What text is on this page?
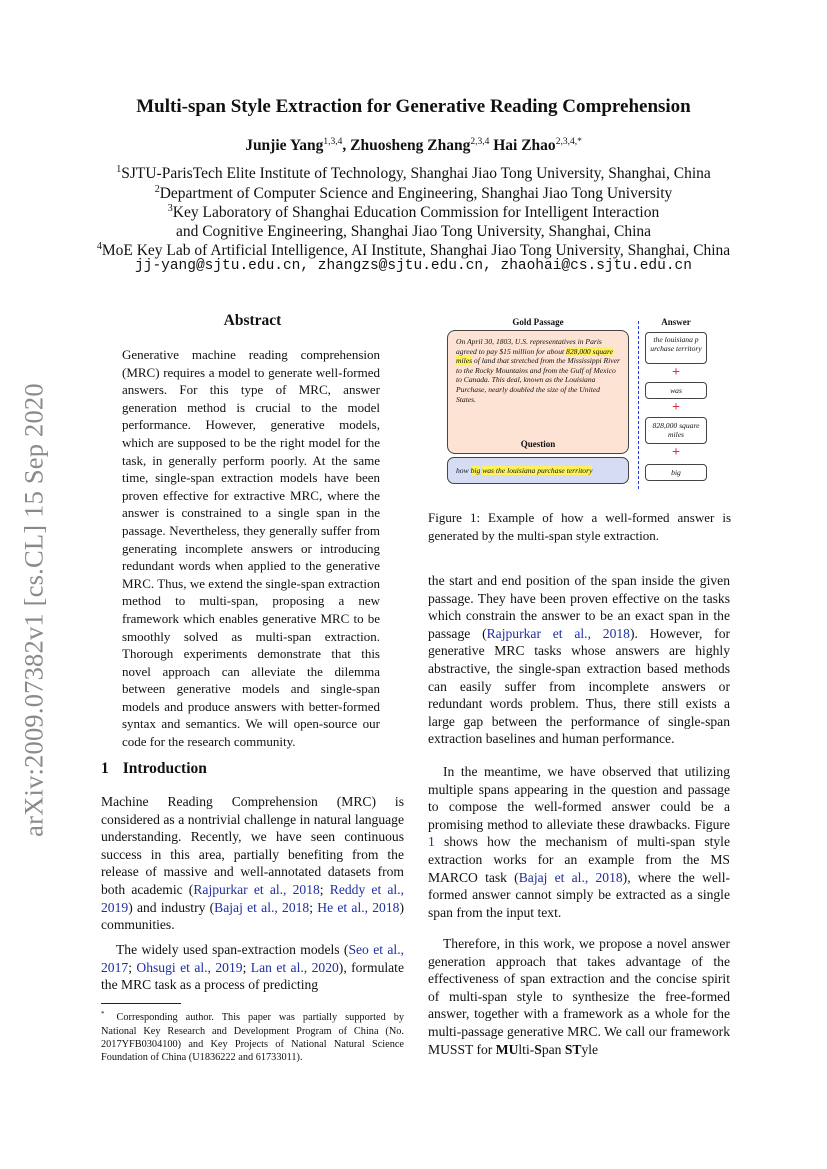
arXiv:2009.07382v1 [cs.CL] 15 Sep 2020
Multi-span Style Extraction for Generative Reading Comprehension
Junjie Yang$^{1,3,4}$, Zhuosheng Zhang$^{2,3,4}$ Hai Zhao$^{2,3,4,*}$
$^1$SJTU-ParisTech Elite Institute of Technology, Shanghai Jiao Tong University, Shanghai, China
$^2$Department of Computer Science and Engineering, Shanghai Jiao Tong University
$^3$Key Laboratory of Shanghai Education Commission for Intelligent Interaction
and Cognitive Engineering, Shanghai Jiao Tong University, Shanghai, China
$^4$MoE Key Lab of Artificial Intelligence, AI Institute, Shanghai Jiao Tong University, Shanghai, China
jj-yang@sjtu.edu.cn, zhangzs@sjtu.edu.cn, zhaohai@cs.sjtu.edu.cn
Abstract
Generative machine reading comprehension (MRC) requires a model to generate well-formed answers. For this type of MRC, answer generation method is crucial to the model performance. However, generative models, which are supposed to be the right model for the task, in generally perform poorly. At the same time, single-span extraction models have been proven effective for extractive MRC, where the answer is constrained to a single span in the passage. Nevertheless, they generally suffer from generating incomplete answers or introducing redundant words when applied to the generative MRC. Thus, we extend the single-span extraction method to multi-span, proposing a new framework which enables generative MRC to be smoothly solved as multi-span extraction. Thorough experiments demonstrate that this novel approach can alleviate the dilemma between generative models and single-span models and produce answers with better-formed syntax and semantics. We will open-source our code for the research community.
1 Introduction
Machine Reading Comprehension (MRC) is considered as a nontrivial challenge in natural language understanding. Recently, we have seen continuous success in this area, partially benefiting from the release of massive and well-annotated datasets from both academic (Rajpurkar et al., 2018; Reddy et al., 2019) and industry (Bajaj et al., 2018; He et al., 2018) communities.
The widely used span-extraction models (Seo et al., 2017; Ohsugi et al., 2019; Lan et al., 2020), formulate the MRC task as a process of predicting
* Corresponding author. This paper was partially supported by National Key Research and Development Program of China (No. 2017YFB0304100) and Key Projects of National Natural Science Foundation of China (U1836222 and 61733011).
Gold Passage	Answer
On April 30, 1803, U.S. representatives in Paris agreed to pay $15 million for about 828,000 square miles of land that stretched from the Mississippi River to the Rocky Mountains and from the Gulf of Mexico to Canada. This deal, known as the Louisiana Purchase, nearly doubled the size of the United States.
Question
how big was the louisiana purchase territory
the louisiana p urchase territory
+
was
+
828,000 square miles
+
big
Figure 1: Example of how a well-formed answer is generated by the multi-span style extraction.
the start and end position of the span inside the given passage. They have been proven effective on the tasks which constrain the answer to be an exact span in the passage (Rajpurkar et al., 2018). However, for generative MRC tasks whose answers are highly abstractive, the single-span extraction based methods can easily suffer from incomplete answers or redundant words problem. Thus, there still exists a large gap between the performance of single-span extraction baselines and human performance.
In the meantime, we have observed that utilizing multiple spans appearing in the question and passage to compose the well-formed answer could be a promising method to alleviate these drawbacks. Figure 1 shows how the mechanism of multi-span style extraction works for an example from the MS MARCO task (Bajaj et al., 2018), where the well-formed answer cannot simply be extracted as a single span from the input text.
Therefore, in this work, we propose a novel answer generation approach that takes advantage of the effectiveness of span extraction and the concise spirit of multi-span style to synthesize the free-formed answer, together with a framework as a whole for the multi-passage generative MRC. We call our framework MUSST for MUlti-Span STyle
